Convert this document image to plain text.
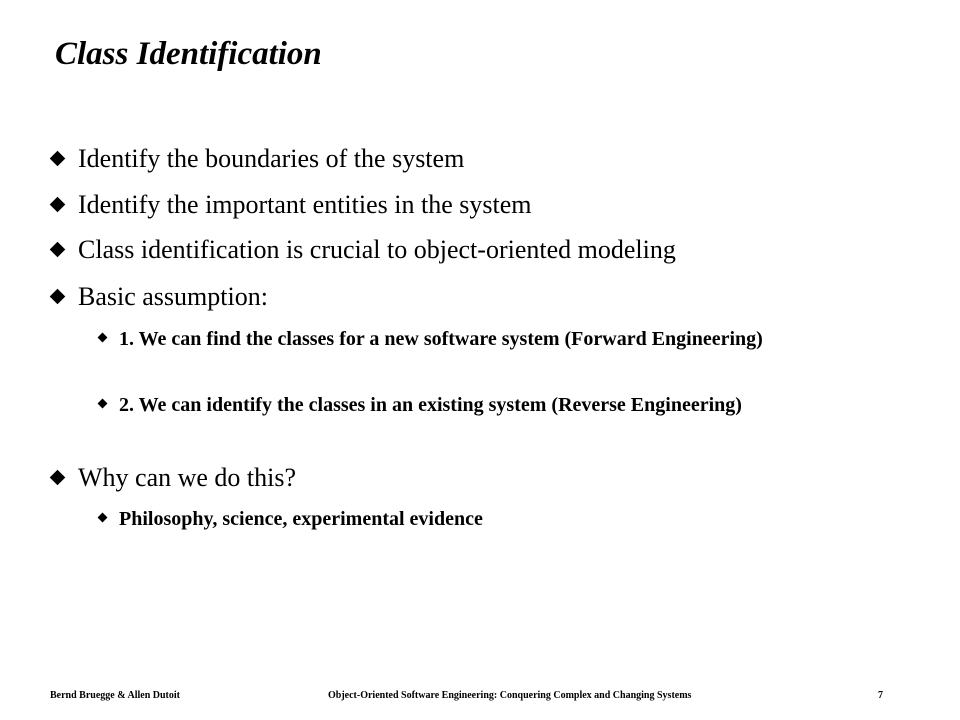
Class Identification
Identify the boundaries of the system
Identify the important entities in the system
Class identification is crucial to object-oriented modeling
Basic assumption:
1. We can find the classes for a new software system (Forward Engineering)
2. We can identify the classes in an existing system (Reverse Engineering)
Why can we do this?
Philosophy, science, experimental evidence
Bernd Bruegge & Allen Dutoit	Object-Oriented Software Engineering: Conquering Complex and Changing Systems	7
